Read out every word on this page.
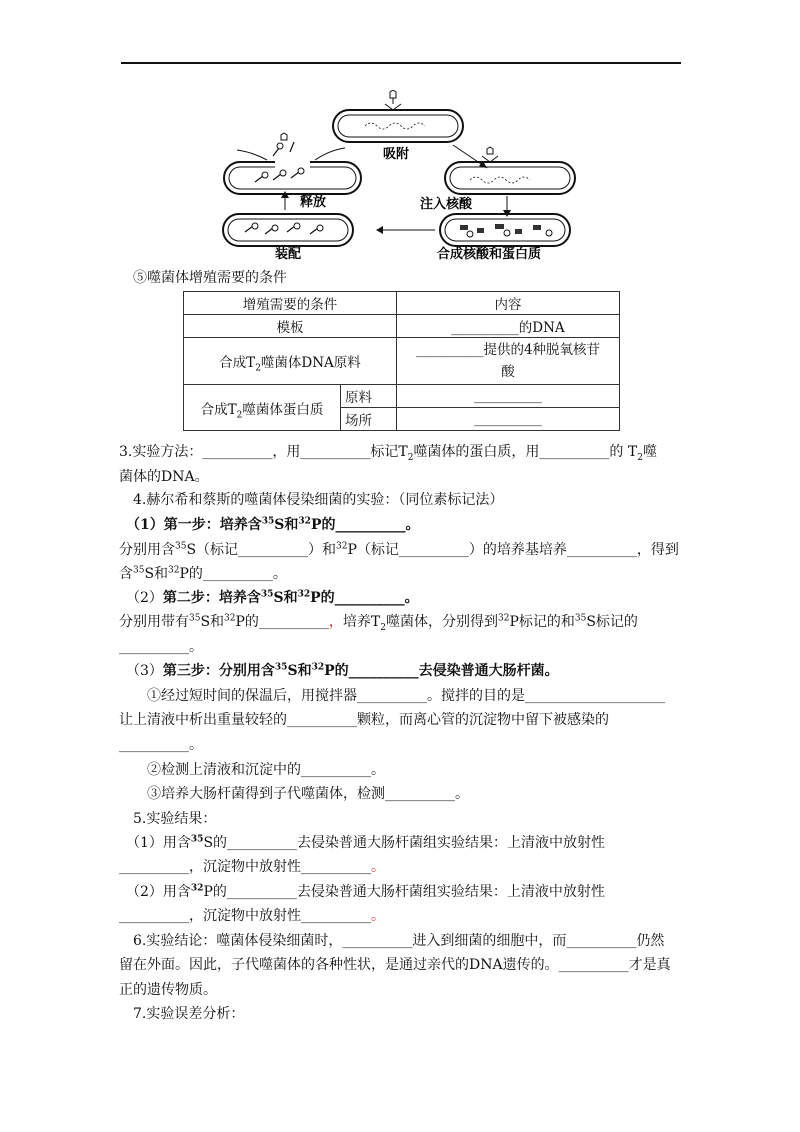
吸附
注入核酸
合成核酸和蛋白质
装配
释放
⑤噬菌体增殖需要的条件
增殖需要的条件		内容
模板		__________的DNA
合成$T_2$噬菌体DNA原料		__________提供的4种脱氧核苷
酸
合成$T_2$噬菌体蛋白质	原料	__________
	场所	__________
3.实验方法：__________，用__________标记$T_2$噬菌体的蛋白质，用__________的 $T_2$噬
菌体的DNA。
4.赫尔希和蔡斯的噬菌体侵染细菌的实验：（同位素标记法）
（1）第一步：培养含$^{35}$S和$^{32}$P的__________。
分别用含$^{35}$S（标记__________）和$^{32}$P（标记__________）的培养基培养__________，得到
含$^{35}$S和$^{32}$P的__________。
（2）第二步：培养含$^{35}$S和$^{32}$P的__________。
分别用带有$^{35}$S和$^{32}$P的__________，培养$T_2$噬菌体，分别得到$^{32}$P标记的和$^{35}$S标记的
__________。
（3）第三步：分别用含$^{35}$S和$^{32}$P的__________去侵染普通大肠杆菌。
①经过短时间的保温后，用搅拌器__________。搅拌的目的是____________________
让上清液中析出重量较轻的__________颗粒，而离心管的沉淀物中留下被感染的
__________。
②检测上清液和沉淀中的__________。
③培养大肠杆菌得到子代噬菌体，检测__________。
5.实验结果：
（1）用含$^{35}$S的__________去侵染普通大肠杆菌组实验结果：上清液中放射性
__________，沉淀物中放射性__________。
（2）用含$^{32}$P的__________去侵染普通大肠杆菌组实验结果：上清液中放射性
__________，沉淀物中放射性__________。
6.实验结论：噬菌体侵染细菌时，__________进入到细菌的细胞中，而__________仍然
留在外面。因此，子代噬菌体的各种性状，是通过亲代的DNA遗传的。__________才是真
正的遗传物质。
7.实验误差分析：
